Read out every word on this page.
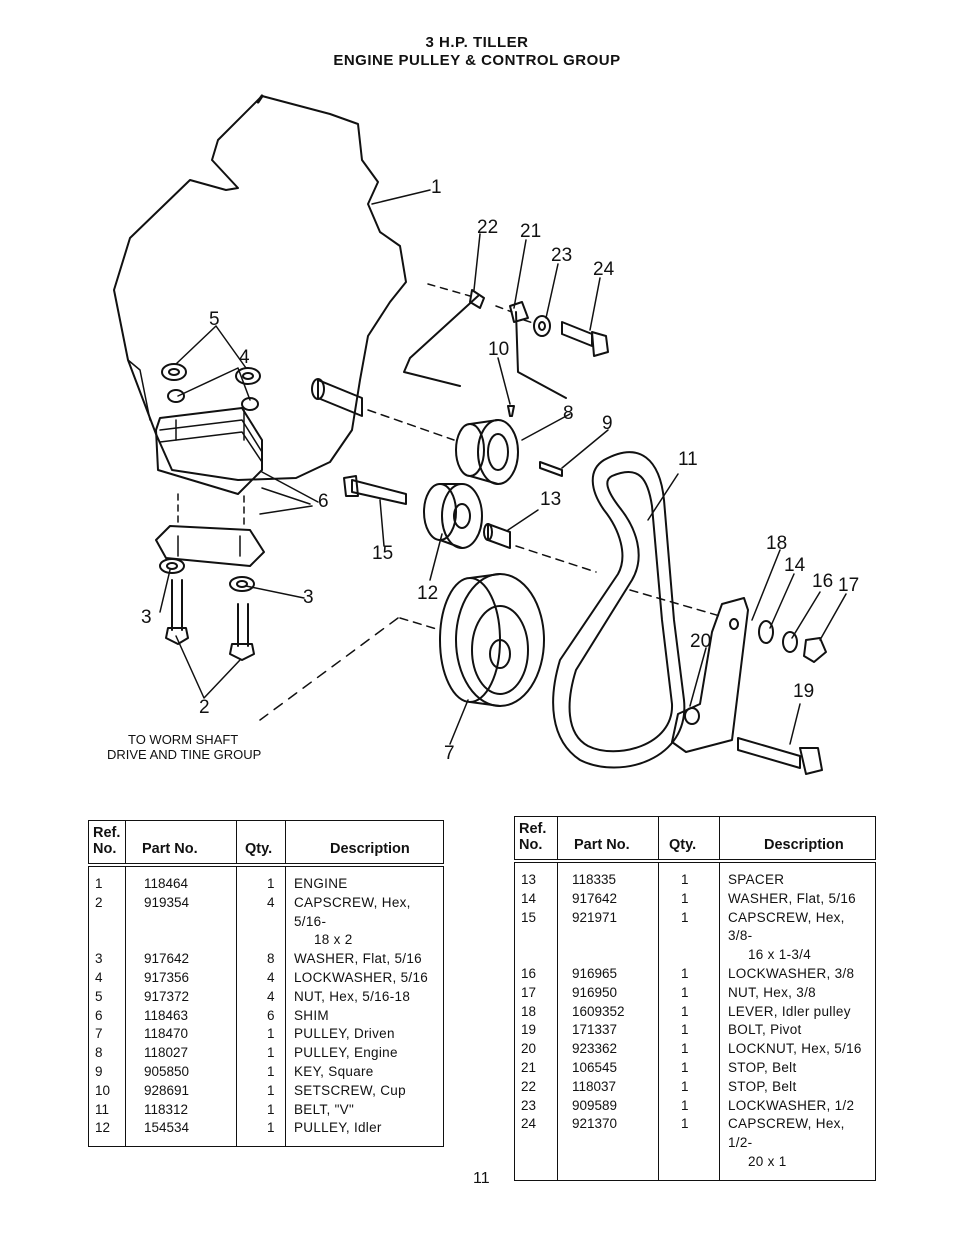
3 H.P. TILLER
ENGINE PULLEY & CONTROL GROUP
1
2
3
3
4
5
6
7
8 9
10
11
12
13
14
15
16 17
18
19
20
21
22
23
24
TO WORM SHAFT
DRIVE AND TINE GROUP
Ref.
No.	Part No.	Qty.	Description
1	118464	1	ENGINE
2	919354	4	CAPSCREW, Hex, 5/16-
18 x 2
3	917642	8	WASHER, Flat, 5/16
4	917356	4	LOCKWASHER, 5/16
5	917372	4	NUT, Hex, 5/16-18
6	118463	6	SHIM
7	118470	1	PULLEY, Driven
8	118027	1	PULLEY, Engine
9	905850	1	KEY, Square
10	928691	1	SETSCREW, Cup
11	118312	1	BELT, "V"
12	154534	1	PULLEY, Idler
Ref.
No.	Part No.	Qty.	Description
13	118335	1	SPACER
14	917642	1	WASHER, Flat, 5/16
15	921971	1	CAPSCREW, Hex, 3/8-
16 x 1-3/4
16	916965	1	LOCKWASHER, 3/8
17	916950	1	NUT, Hex, 3/8
18	1609352	1	LEVER, Idler pulley
19	171337	1	BOLT, Pivot
20	923362	1	LOCKNUT, Hex, 5/16
21	106545	1	STOP, Belt
22	118037	1	STOP, Belt
23	909589	1	LOCKWASHER, 1/2
24	921370	1	CAPSCREW, Hex, 1/2-
20 x 1
11
